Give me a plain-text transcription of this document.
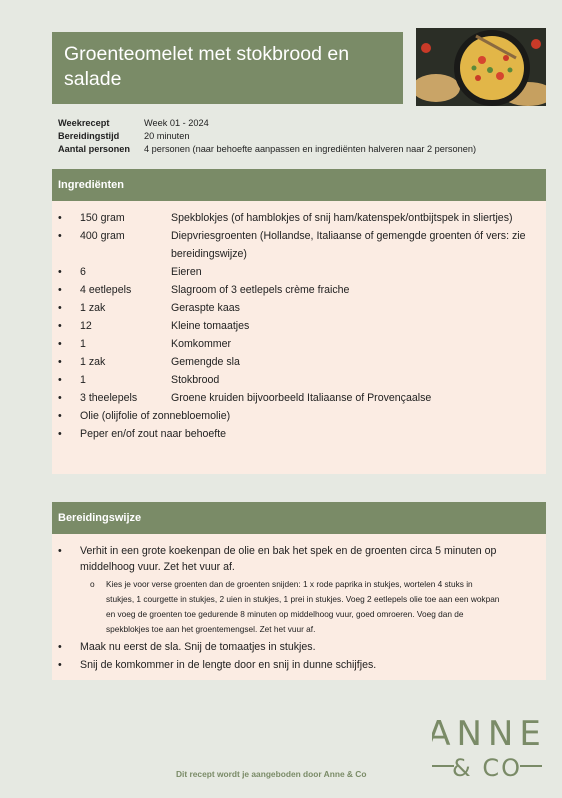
Groenteomelet met stokbrood en salade
Weekrecept	Week 01 - 2024
Bereidingstijd	20 minuten
Aantal personen	4 personen (naar behoefte aanpassen en ingrediënten halveren naar 2 personen)
Ingrediënten
•	150 gram	Spekblokjes (of hamblokjes of snij ham/katenspek/ontbijtspek in sliertjes)
•	400 gram	Diepvriesgroenten (Hollandse, Italiaanse of gemengde groenten óf vers: zie bereidingswijze)
•	6	Eieren
•	4 eetlepels	Slagroom of 3 eetlepels crème fraiche
•	1 zak	Geraspte kaas
•	12	Kleine tomaatjes
•	1	Komkommer
•	1 zak	Gemengde sla
•	1	Stokbrood
•	3 theelepels	Groene kruiden bijvoorbeeld Italiaanse of Provençaalse
•	Olie (olijfolie of zonnebloemolie)
•	Peper en/of zout naar behoefte
Bereidingswijze
•	Verhit in een grote koekenpan de olie en bak het spek en de groenten circa 5 minuten op middelhoog vuur. Zet het vuur af.
o	Kies je voor verse groenten dan de groenten snijden: 1 x rode paprika in stukjes, wortelen 4 stuks in stukjes, 1 courgette in stukjes, 2 uien in stukjes, 1 prei in stukjes. Voeg 2 eetlepels olie toe aan een wokpan en voeg de groenten toe gedurende 8 minuten op middelhoog vuur, goed omroeren. Voeg dan de spekblokjes toe aan het groentemengsel. Zet het vuur af.
•	Maak nu eerst de sla. Snij de tomaatjes in stukjes.
•	Snij de komkommer in de lengte door en snij in dunne schijfjes.
Dit recept wordt je aangeboden door Anne & Co
ANNE
& CO
